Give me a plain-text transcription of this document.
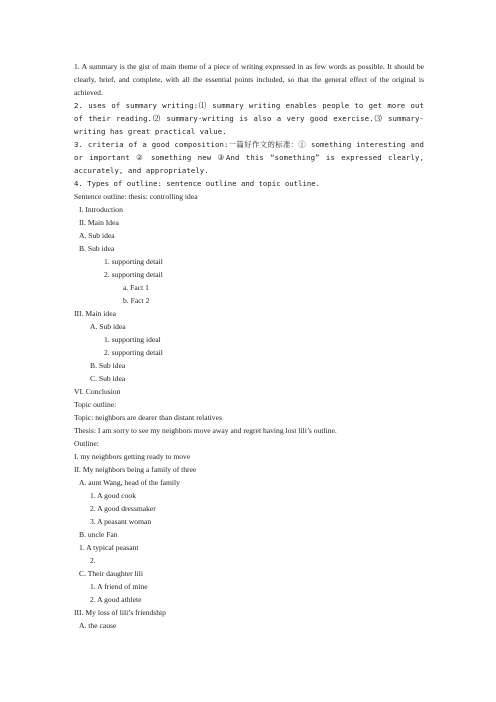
1. A summary is the gist of main theme of a piece of writing expressed in as few words as possible. It should be clearly, brief, and complete, with all the essential points included, so that the general effect of the original is achieved.

2. uses of summary writing:⑴ summary writing enables people to get more out of their reading.⑵ summary-writing is also a very good exercise.⑶ summary-writing has great practical value.

3. criteria of a good composition:一篇好作文的标准：① something interesting and or important ② something new ③And this “something” is expressed clearly, accurately, and appropriately.

4. Types of outline: sentence outline and topic outline.
Sentence outline: thesis: controlling idea
I. Introduction
II. Main Idea
A. Sub idea
B. Sub idea
1. supporting detail
2. supporting detail
a. Fact 1
b. Fact 2
III. Main idea
A. Sub idea
1. supporting ideal
2. supporting detail
B. Sub idea
C. Sub idea
VI. Conclusion
Topic outline:
Topic: neighbors are dearer than distant relatives
Thesis: I am sorry to see my neighbors move away and regret having lost lili’s outline.
Outline:
I. my neighbors getting ready to move
II. My neighbors being a family of three
A. aunt Wang, head of the family
1. A good cook
2. A good dressmaker
3. A peasant woman
B. uncle Fan
1. A typical peasant
2.
C. Their daughter lili
1. A friend of mine
2. A good athlete
III. My loss of lili’s friendship
A. the cause
